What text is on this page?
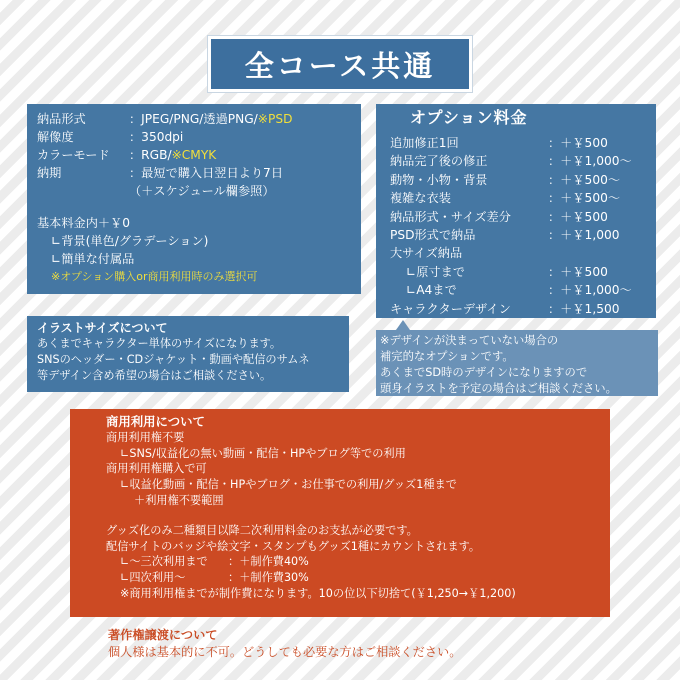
全コース共通
納品形式	：JPEG/PNG/透過PNG/ ※PSD
解像度	：350dpi
カラーモード	：RGB/ ※CMYK
納期	：最短で購入日翌日より7日
（＋スケジュール欄参照）
基本料金内＋￥0
∟背景(単色/グラデーション)
∟簡単な付属品
※オプション購入or商用利用時のみ選択可
オプション料金
追加修正1回	：＋￥500
納品完了後の修正	：＋￥1,000～
動物・小物・背景	：＋￥500～
複雑な衣装	：＋￥500～
納品形式・サイズ差分	：＋￥500
PSD形式で納品	：＋￥1,000
大サイズ納品
∟原寸まで	：＋￥500
∟A4まで	：＋￥1,000～
キャラクターデザイン	：＋￥1,500
※デザインが決まっていない場合の
補完的なオプションです。
あくまでSD時のデザインになりますので
頭身イラストを予定の場合はご相談ください。
イラストサイズについて
あくまでキャラクター単体のサイズになります。
SNSのヘッダー・CDジャケット・動画や配信のサムネ
等デザイン含め希望の場合はご相談ください。
商用利用について
商用利用権不要
∟SNS/収益化の無い動画・配信・HPやブログ等での利用
商用利用権購入で可
∟収益化動画・配信・HPやブログ・お仕事での利用/グッズ1種まで
＋利用権不要範囲
グッズ化のみ二種類目以降二次利用料金のお支払が必要です。
配信サイトのバッジや絵文字・スタンプもグッズ1種にカウントされます。
∟～三次利用まで	：＋制作費40%
∟四次利用～	：＋制作費30%
※商用利用権までが制作費になります。10の位以下切捨て(￥1,250→￥1,200)
著作権譲渡について
個人様は基本的に不可。どうしても必要な方はご相談ください。
